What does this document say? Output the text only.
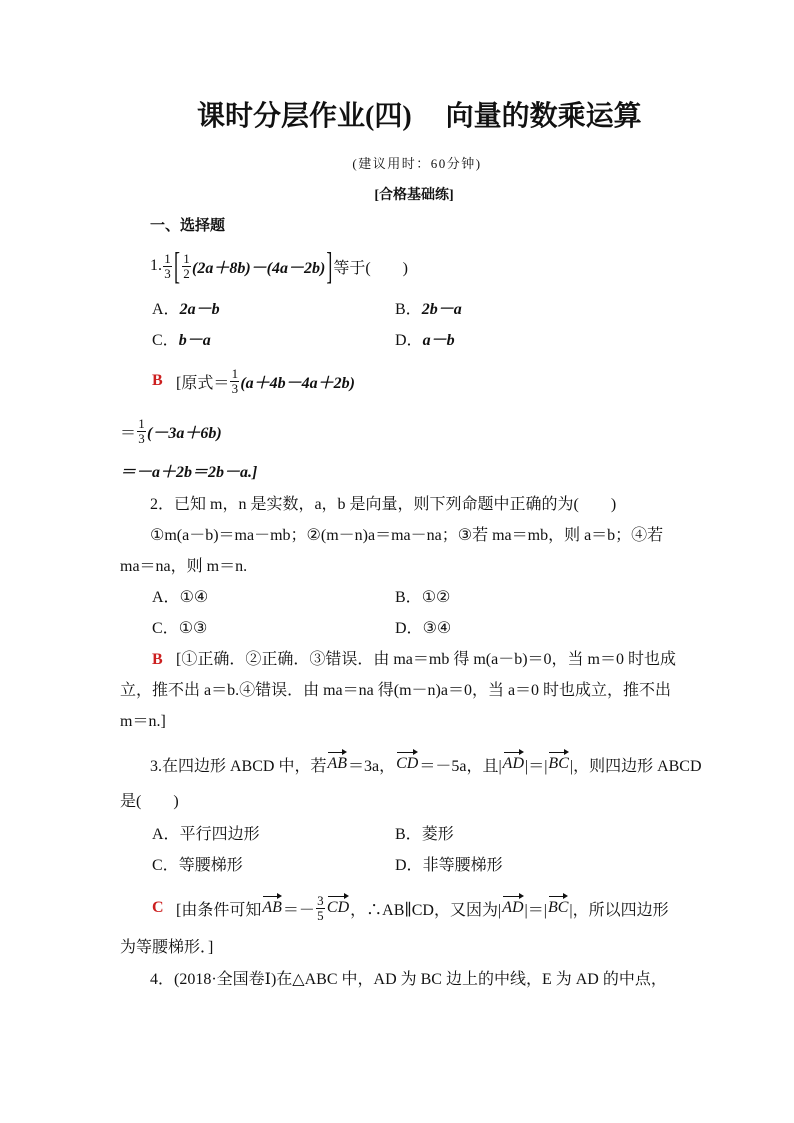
课时分层作业(四) 向量的数乘运算
(建议用时：60分钟)
[合格基础练]
一、选择题
1. $\frac{1}{3}$ [ $\frac{1}{2} (2a+8b)-(4a-2b)$ ] 等于(　　)
A．2a－b	B．2b－a
C．b－a	D．a－b
B [原式＝ $\frac{1}{3} (a+4b-4a+2b)$
＝ $\frac{1}{3} (-3a+6b)$
＝－a＋2b＝2b－a.]
2．已知 m，n 是实数，a，b 是向量，则下列命题中正确的为(　　)
①m(a－b)＝ma－mb；②(m－n)a＝ma－na；③若 ma＝mb，则 a＝b；④若
ma＝na，则 m＝n.
A．①④	B．①②
C．①③	D．③④
B [①正确．②正确．③错误．由 ma＝mb 得 m(a－b)＝0，当 m＝0 时也成
立，推不出 a＝b.④错误．由 ma＝na 得(m－n)a＝0，当 a＝0 时也成立，推不出
m＝n.]
3.在四边形 ABCD 中，若 AB ＝3a， CD ＝－5a，且| AD |＝| BC |，则四边形 ABCD
是(　　)
A．平行四边形	B．菱形
C．等腰梯形	D．非等腰梯形
C [由条件可知 AB ＝－ $\frac{3}{5}$ CD ，∴AB∥CD，又因为| AD |＝| BC |，所以四边形
为等腰梯形．]
4．(2018·全国卷Ⅰ)在△ABC 中，AD 为 BC 边上的中线，E 为 AD 的中点，
